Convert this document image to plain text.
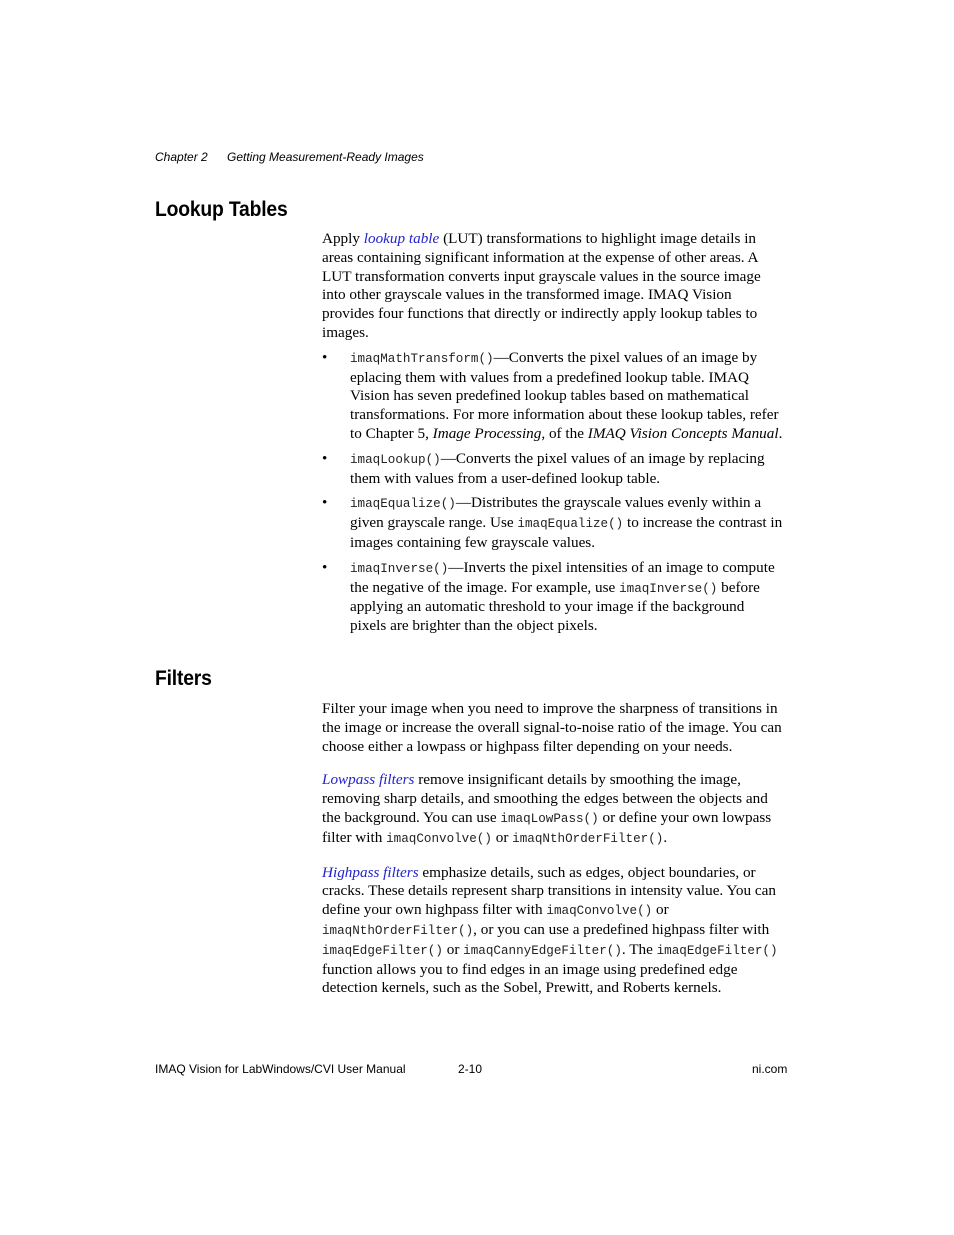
Chapter 2 Getting Measurement-Ready Images
Lookup Tables

Apply lookup table (LUT) transformations to highlight image details in areas containing significant information at the expense of other areas. A LUT transformation converts input grayscale values in the source image into other grayscale values in the transformed image. IMAQ Vision provides four functions that directly or indirectly apply lookup tables to images.

• imaqMathTransform()—Converts the pixel values of an image by eplacing them with values from a predefined lookup table. IMAQ Vision has seven predefined lookup tables based on mathematical transformations. For more information about these lookup tables, refer to Chapter 5, Image Processing, of the IMAQ Vision Concepts Manual.
• imaqLookup()—Converts the pixel values of an image by replacing them with values from a user-defined lookup table.
• imaqEqualize()—Distributes the grayscale values evenly within a given grayscale range. Use imaqEqualize() to increase the contrast in images containing few grayscale values.
• imaqInverse()—Inverts the pixel intensities of an image to compute the negative of the image. For example, use imaqInverse() before applying an automatic threshold to your image if the background pixels are brighter than the object pixels.
Filters

Filter your image when you need to improve the sharpness of transitions in the image or increase the overall signal-to-noise ratio of the image. You can choose either a lowpass or highpass filter depending on your needs.

Lowpass filters remove insignificant details by smoothing the image, removing sharp details, and smoothing the edges between the objects and the background. You can use imaqLowPass() or define your own lowpass filter with imaqConvolve() or imaqNthOrderFilter().

Highpass filters emphasize details, such as edges, object boundaries, or cracks. These details represent sharp transitions in intensity value. You can define your own highpass filter with imaqConvolve() or imaqNthOrderFilter(), or you can use a predefined highpass filter with imaqEdgeFilter() or imaqCannyEdgeFilter(). The imaqEdgeFilter() function allows you to find edges in an image using predefined edge detection kernels, such as the Sobel, Prewitt, and Roberts kernels.

IMAQ Vision for LabWindows/CVI User Manual	2-10	ni.com
